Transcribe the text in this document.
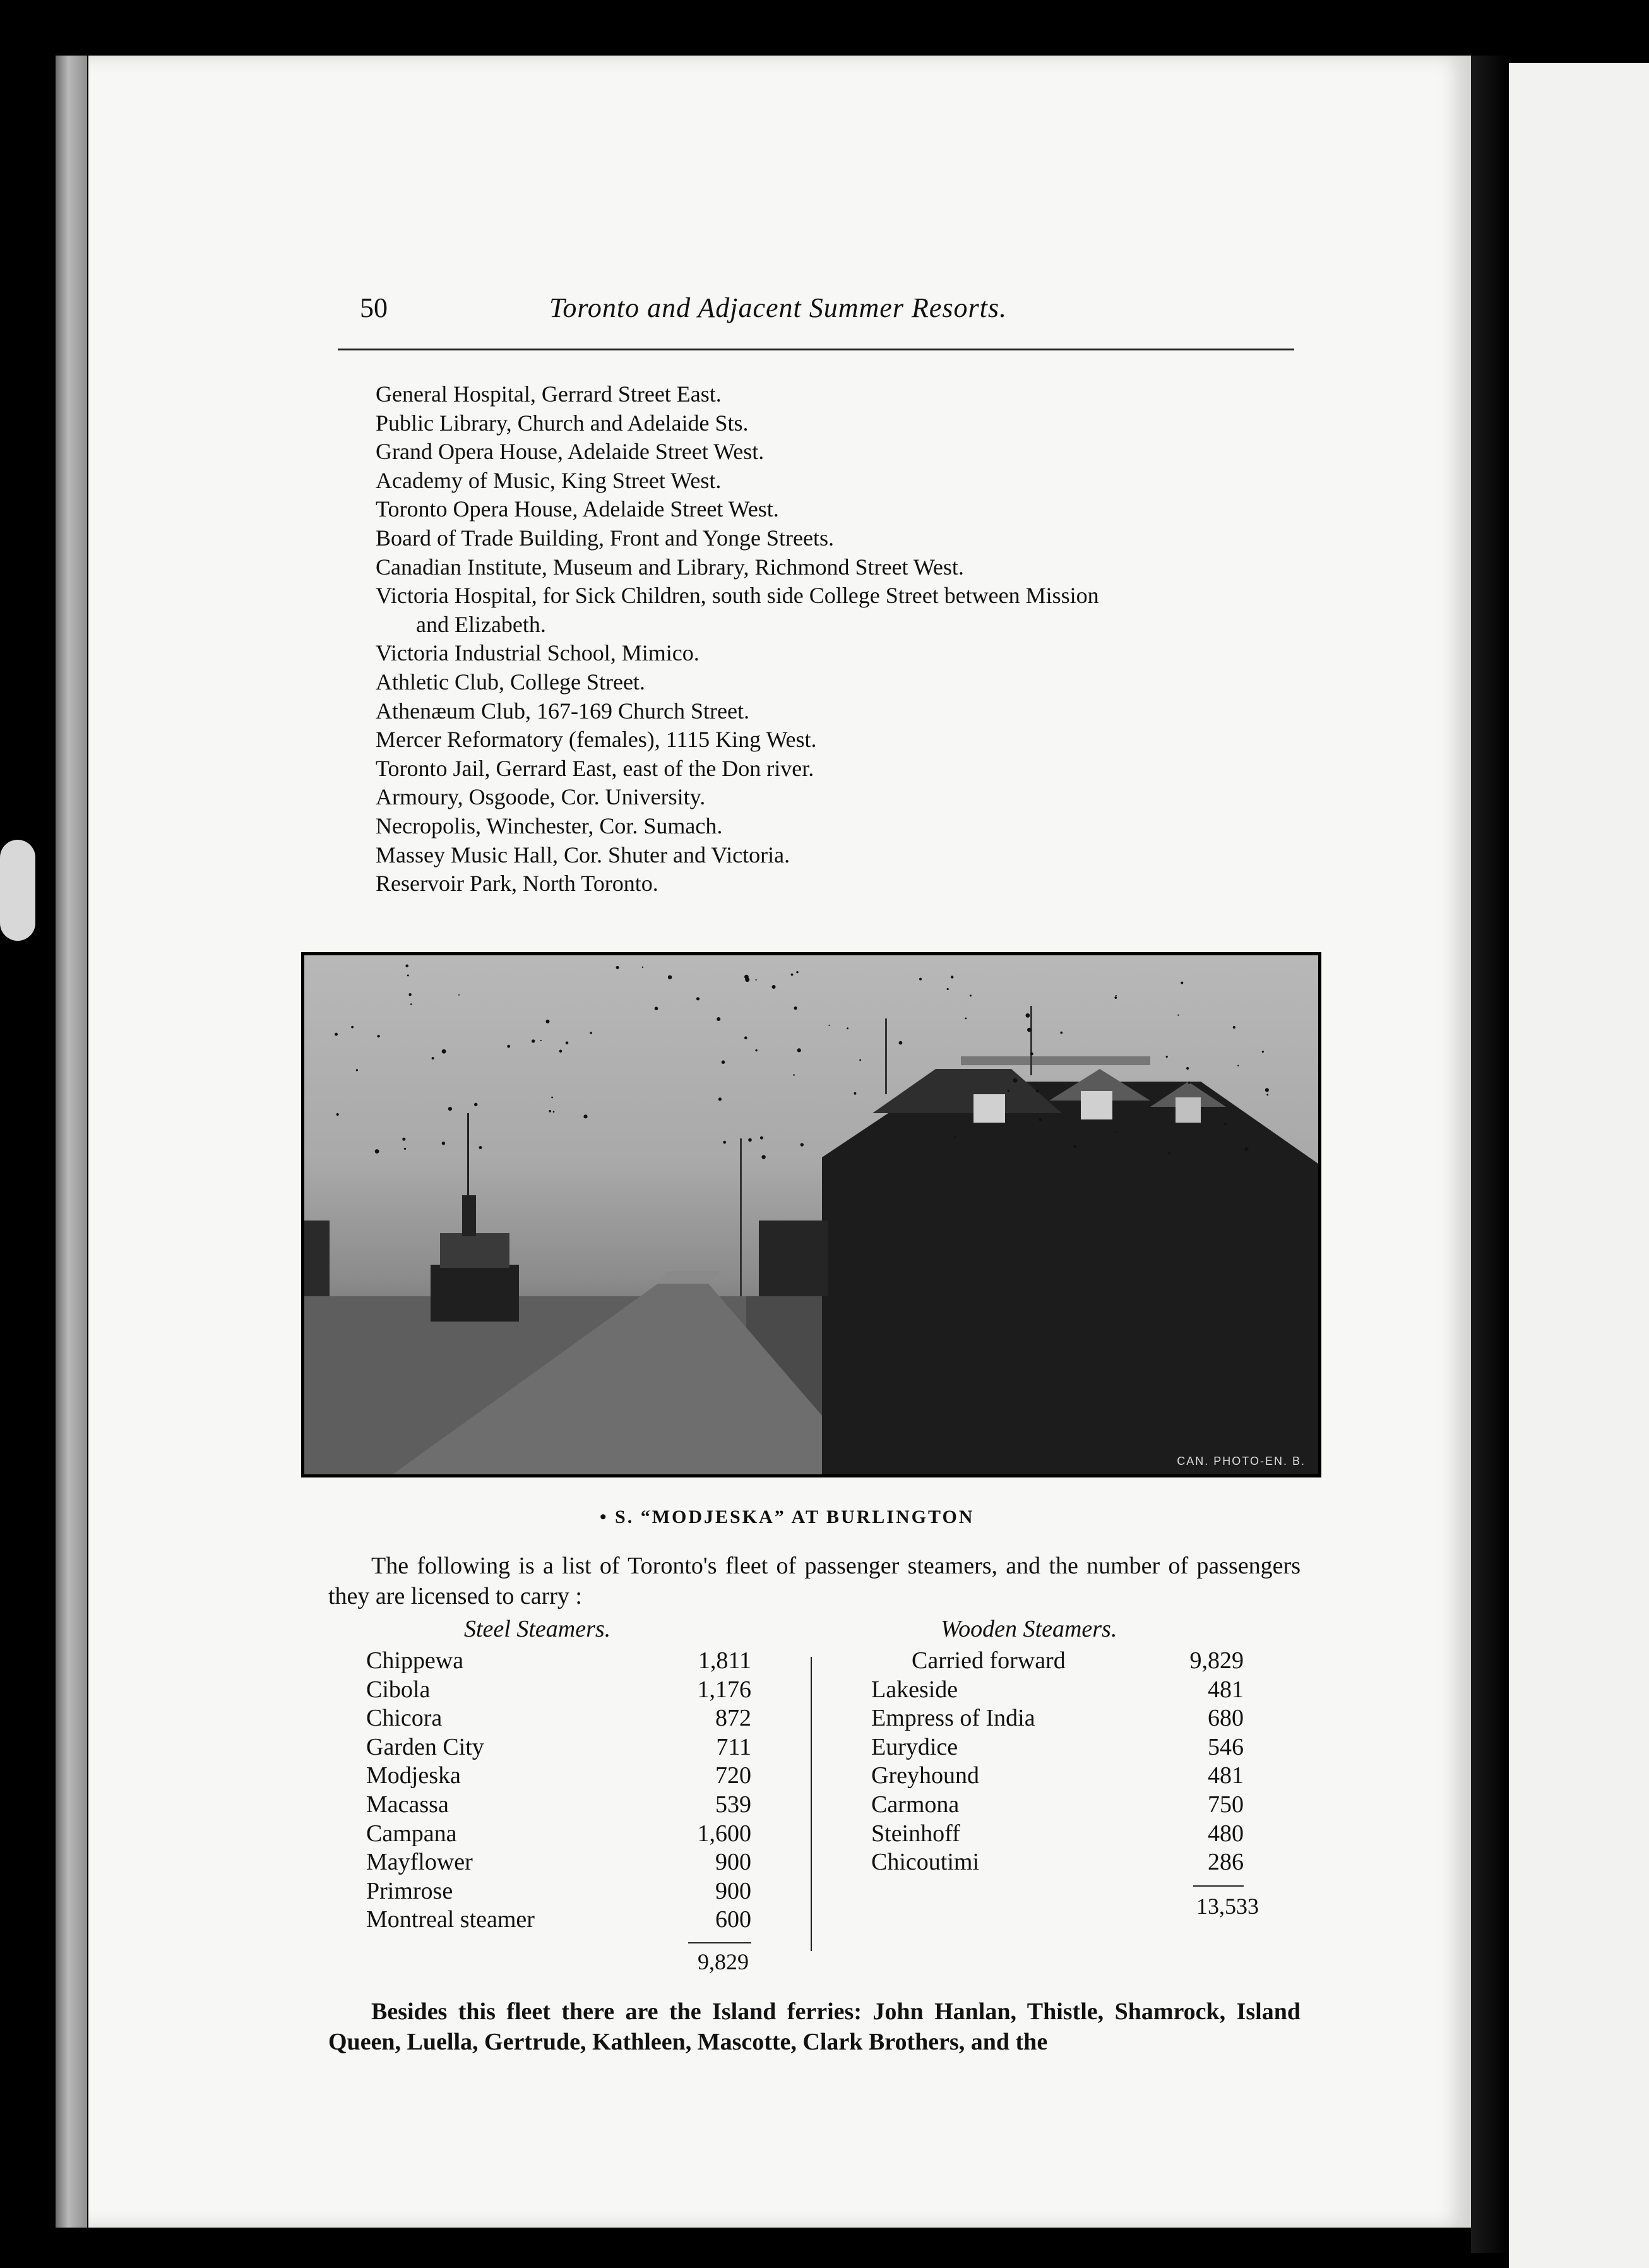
50	Toronto and Adjacent Summer Resorts.
General Hospital, Gerrard Street East.
Public Library, Church and Adelaide Sts.
Grand Opera House, Adelaide Street West.
Academy of Music, King Street West.
Toronto Opera House, Adelaide Street West.
Board of Trade Building, Front and Yonge Streets.
Canadian Institute, Museum and Library, Richmond Street West.
Victoria Hospital, for Sick Children, south side College Street between Mission
and Elizabeth.
Victoria Industrial School, Mimico.
Athletic Club, College Street.
Athenæum Club, 167-169 Church Street.
Mercer Reformatory (females), 1115 King West.
Toronto Jail, Gerrard East, east of the Don river.
Armoury, Osgoode, Cor. University.
Necropolis, Winchester, Cor. Sumach.
Massey Music Hall, Cor. Shuter and Victoria.
Reservoir Park, North Toronto.
CAN. PHOTO-EN. B.
• S. “MODJESKA” AT BURLINGTON

The following is a list of Toronto's fleet of passenger steamers, and the number of passengers they are licensed to carry :

Steel Steamers.	Wooden Steamers.
Chippewa	1,811
Cibola	1,176
Chicora	872
Garden City	711
Modjeska	720
Macassa	539
Campana	1,600
Mayflower	900
Primrose	900
Montreal steamer	600
9,829
Carried forward	9,829
Lakeside	481
Empress of India	680
Eurydice	546
Greyhound	481
Carmona	750
Steinhoff	480
Chicoutimi	286
13,533

Besides this fleet there are the Island ferries: John Hanlan, Thistle, Shamrock, Island Queen, Luella, Gertrude, Kathleen, Mascotte, Clark Brothers, and the
